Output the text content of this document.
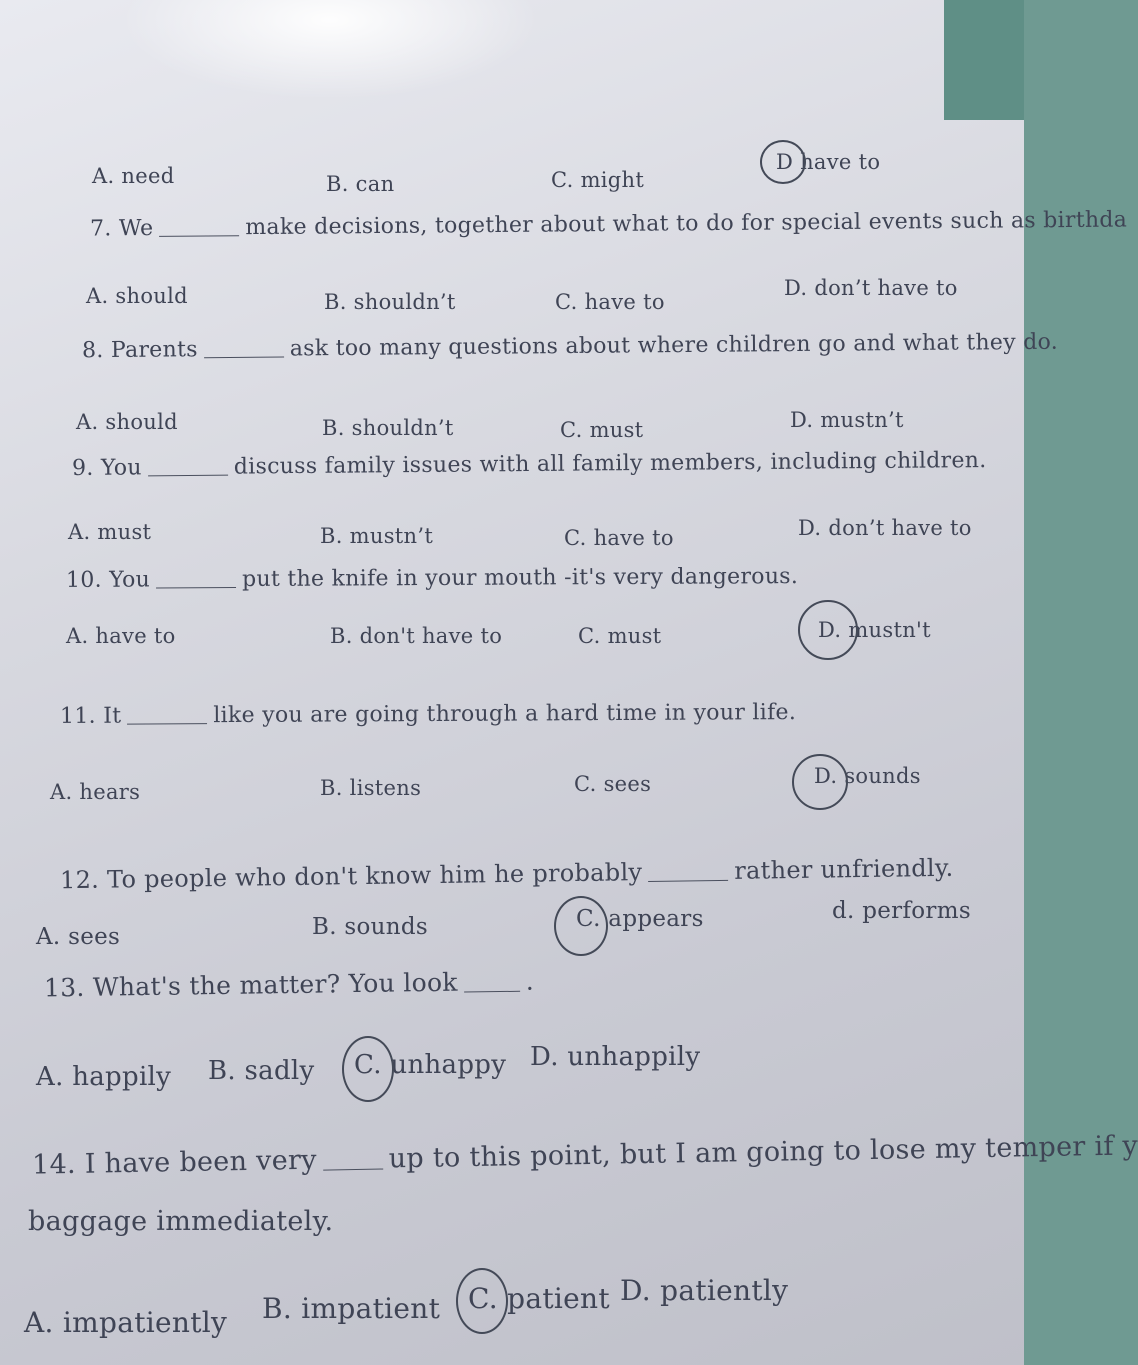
A. need	B. can	C. might
D have to
7. We	make decisions, together about what to do for special events such as birthda
A. should	B. shouldn’t	C. have to
D. don’t have to
8. Parents	ask too many questions about where children go and what they do.
A. should	B. shouldn’t	C. must	D. mustn’t
9. You	discuss family issues with all family members, including children.
A. must	B. mustn’t	C. have to	D. don’t have to
10. You	put the knife in your mouth -it's very dangerous.
A. have to	B. don't have to	C. must	D. mustn't
11. It	like you are going through a hard time in your life.
A. hears	B. listens	C. sees	D. sounds
12. To people who don't know him he probably	rather unfriendly.
A. sees	B. sounds	C. appears	d. performs
13. What's the matter? You look	.
A. happily B. sadly C. unhappy D. unhappily
14. I have been very	up to this point, but I am going to lose my temper if y
baggage immediately.
A. impatiently B. impatient C. patient D. patiently
